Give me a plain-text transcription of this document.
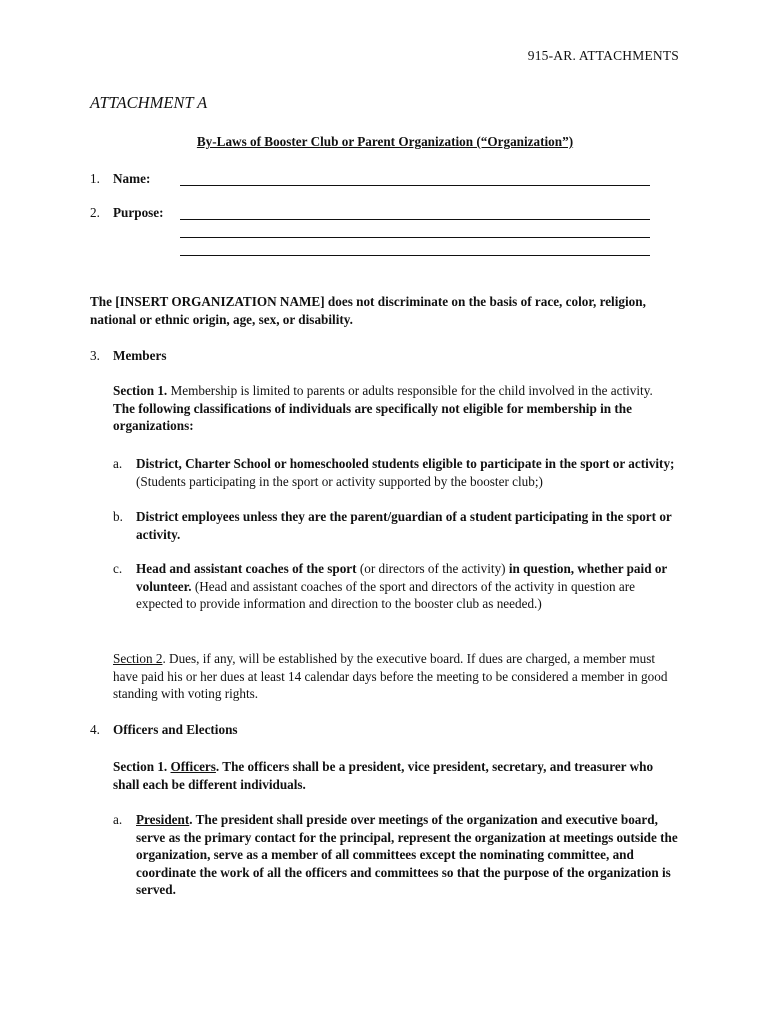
915-AR. ATTACHMENTS
ATTACHMENT A
By-Laws of Booster Club or Parent Organization (“Organization”)
1. Name:
2. Purpose:
The [INSERT ORGANIZATION NAME] does not discriminate on the basis of race, color, religion, national or ethnic origin, age, sex, or disability.
3. Members
Section 1. Membership is limited to parents or adults responsible for the child involved in the activity. The following classifications of individuals are specifically not eligible for membership in the organizations:
a. District, Charter School or homeschooled students eligible to participate in the sport or activity; (Students participating in the sport or activity supported by the booster club;)
b. District employees unless they are the parent/guardian of a student participating in the sport or activity.
c. Head and assistant coaches of the sport (or directors of the activity) in question, whether paid or volunteer. (Head and assistant coaches of the sport and directors of the activity in question are expected to provide information and direction to the booster club as needed.)
Section 2. Dues, if any, will be established by the executive board. If dues are charged, a member must have paid his or her dues at least 14 calendar days before the meeting to be considered a member in good standing with voting rights.
4. Officers and Elections
Section 1. Officers. The officers shall be a president, vice president, secretary, and treasurer who shall each be different individuals.
a. President. The president shall preside over meetings of the organization and executive board, serve as the primary contact for the principal, represent the organization at meetings outside the organization, serve as a member of all committees except the nominating committee, and coordinate the work of all the officers and committees so that the purpose of the organization is served.
